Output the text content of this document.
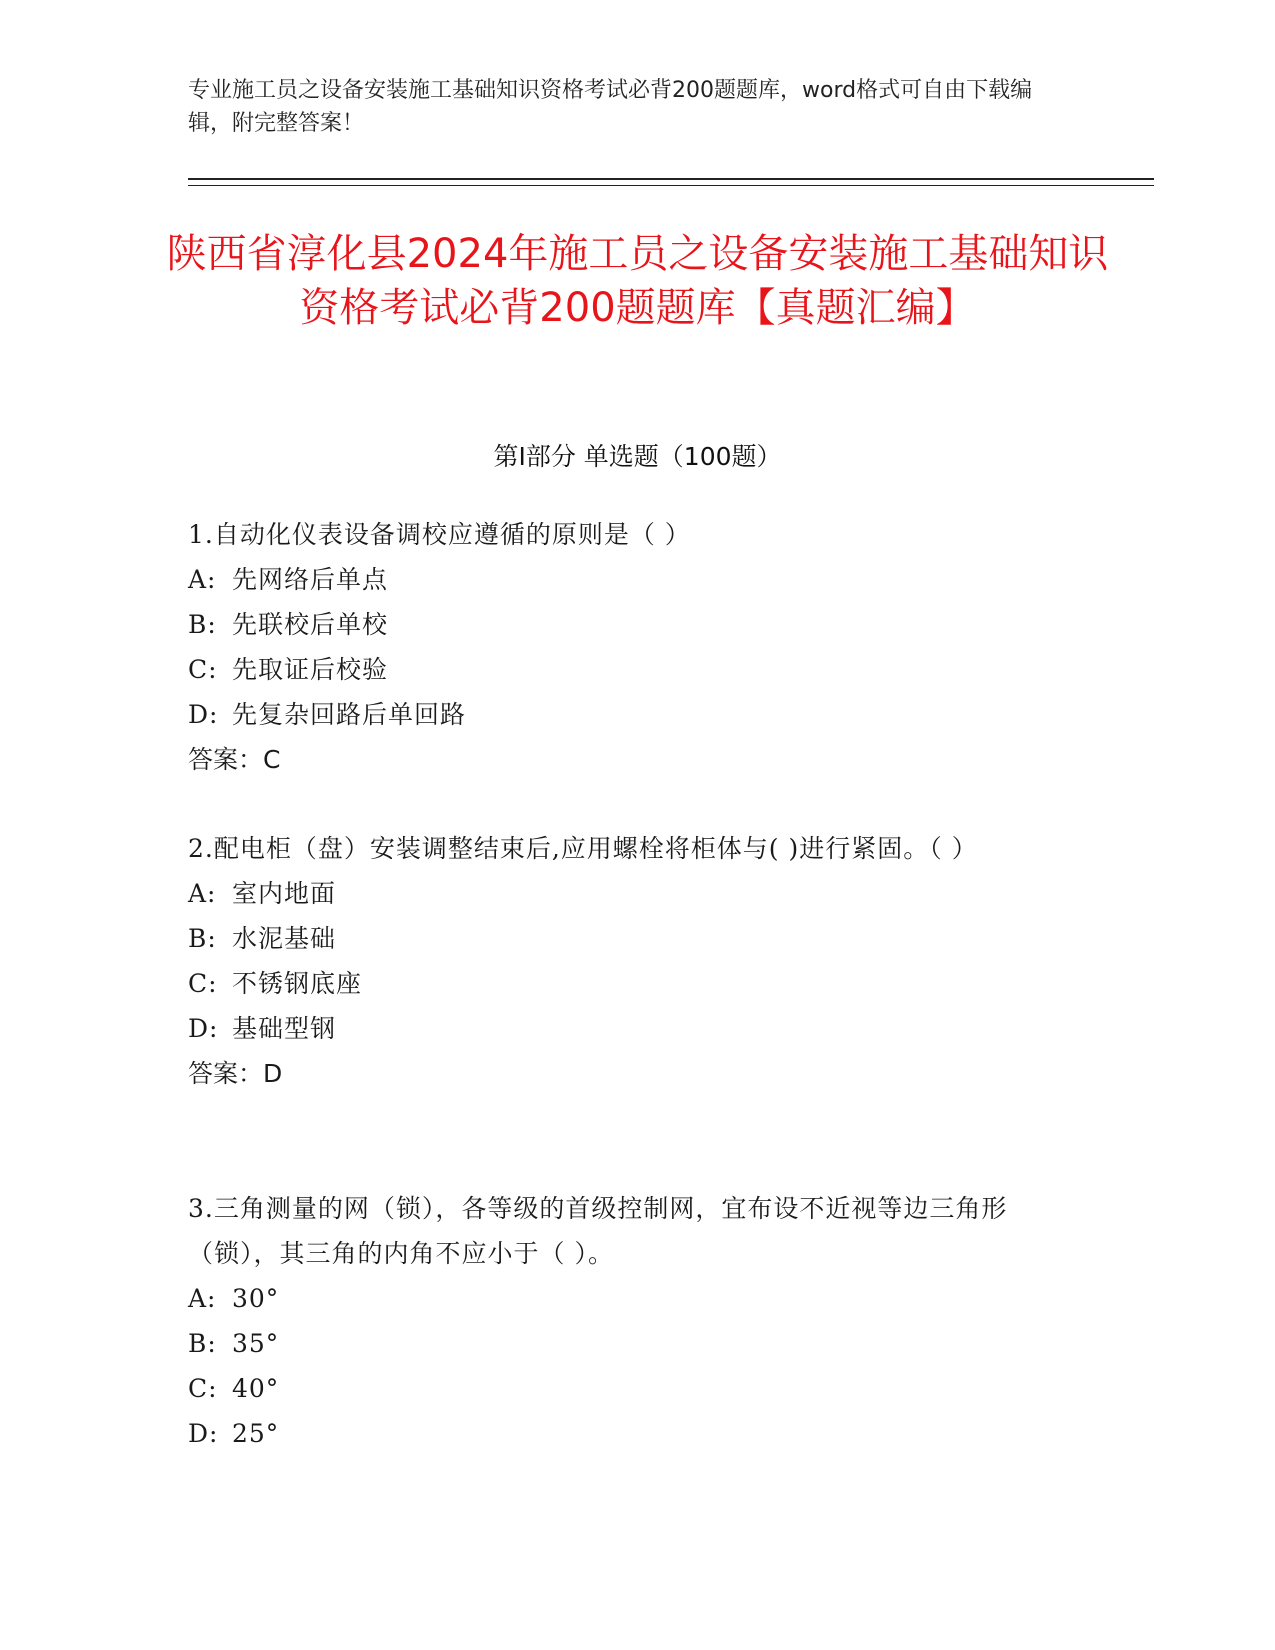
专业施工员之设备安装施工基础知识资格考试必背200题题库，word格式可自由下载编辑，附完整答案！
陕西省淳化县2024年施工员之设备安装施工基础知识资格考试必背200题题库【真题汇编】
第I部分 单选题（100题）
1.自动化仪表设备调校应遵循的原则是（ ）
A: 先网络后单点
B: 先联校后单校
C: 先取证后校验
D: 先复杂回路后单回路
答案：C
2.配电柜（盘）安装调整结束后,应用螺栓将柜体与( )进行紧固。（ ）
A: 室内地面
B: 水泥基础
C: 不锈钢底座
D: 基础型钢
答案：D
3.三角测量的网（锁），各等级的首级控制网，宜布设不近视等边三角形（锁），其三角的内角不应小于（ ）。
A: 30°
B: 35°
C: 40°
D: 25°
